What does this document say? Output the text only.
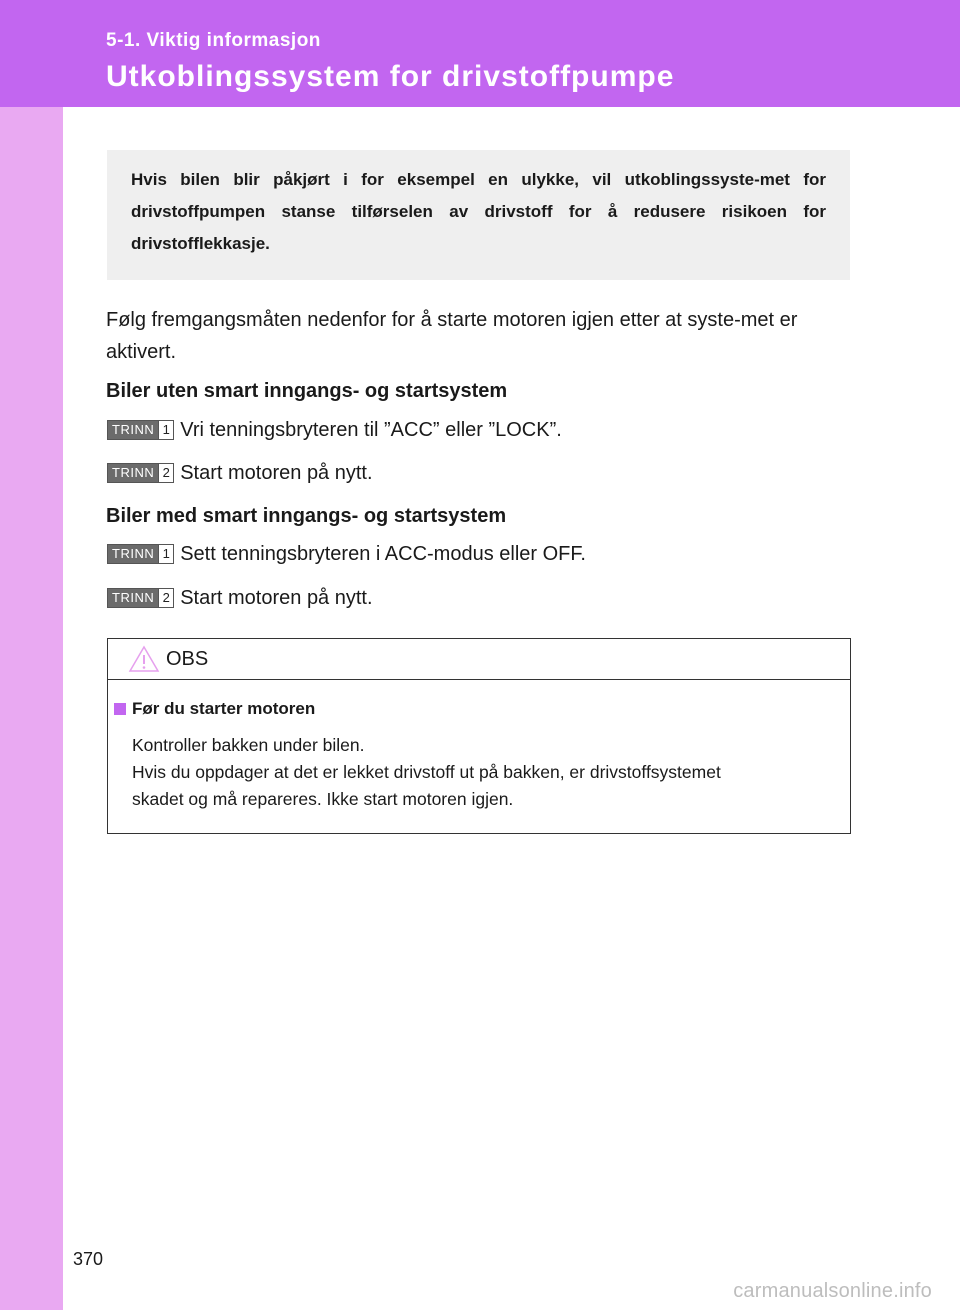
5-1. Viktig informasjon
Utkoblingssystem for drivstoffpumpe
Hvis bilen blir påkjørt i for eksempel en ulykke, vil utkoblingssyste-met for drivstoffpumpen stanse tilførselen av drivstoff for å redusere risikoen for drivstofflekkasje.
Følg fremgangsmåten nedenfor for å starte motoren igjen etter at syste-met er aktivert.
Biler uten smart inngangs- og startsystem
TRINN 1 Vri tenningsbryteren til ”ACC” eller ”LOCK”.
TRINN 2 Start motoren på nytt.
Biler med smart inngangs- og startsystem
TRINN 1 Sett tenningsbryteren i ACC-modus eller OFF.
TRINN 2 Start motoren på nytt.
OBS
Før du starter motoren
Kontroller bakken under bilen.
Hvis du oppdager at det er lekket drivstoff ut på bakken, er drivstoffsystemet
skadet og må repareres. Ikke start motoren igjen.
370
carmanualsonline.info
